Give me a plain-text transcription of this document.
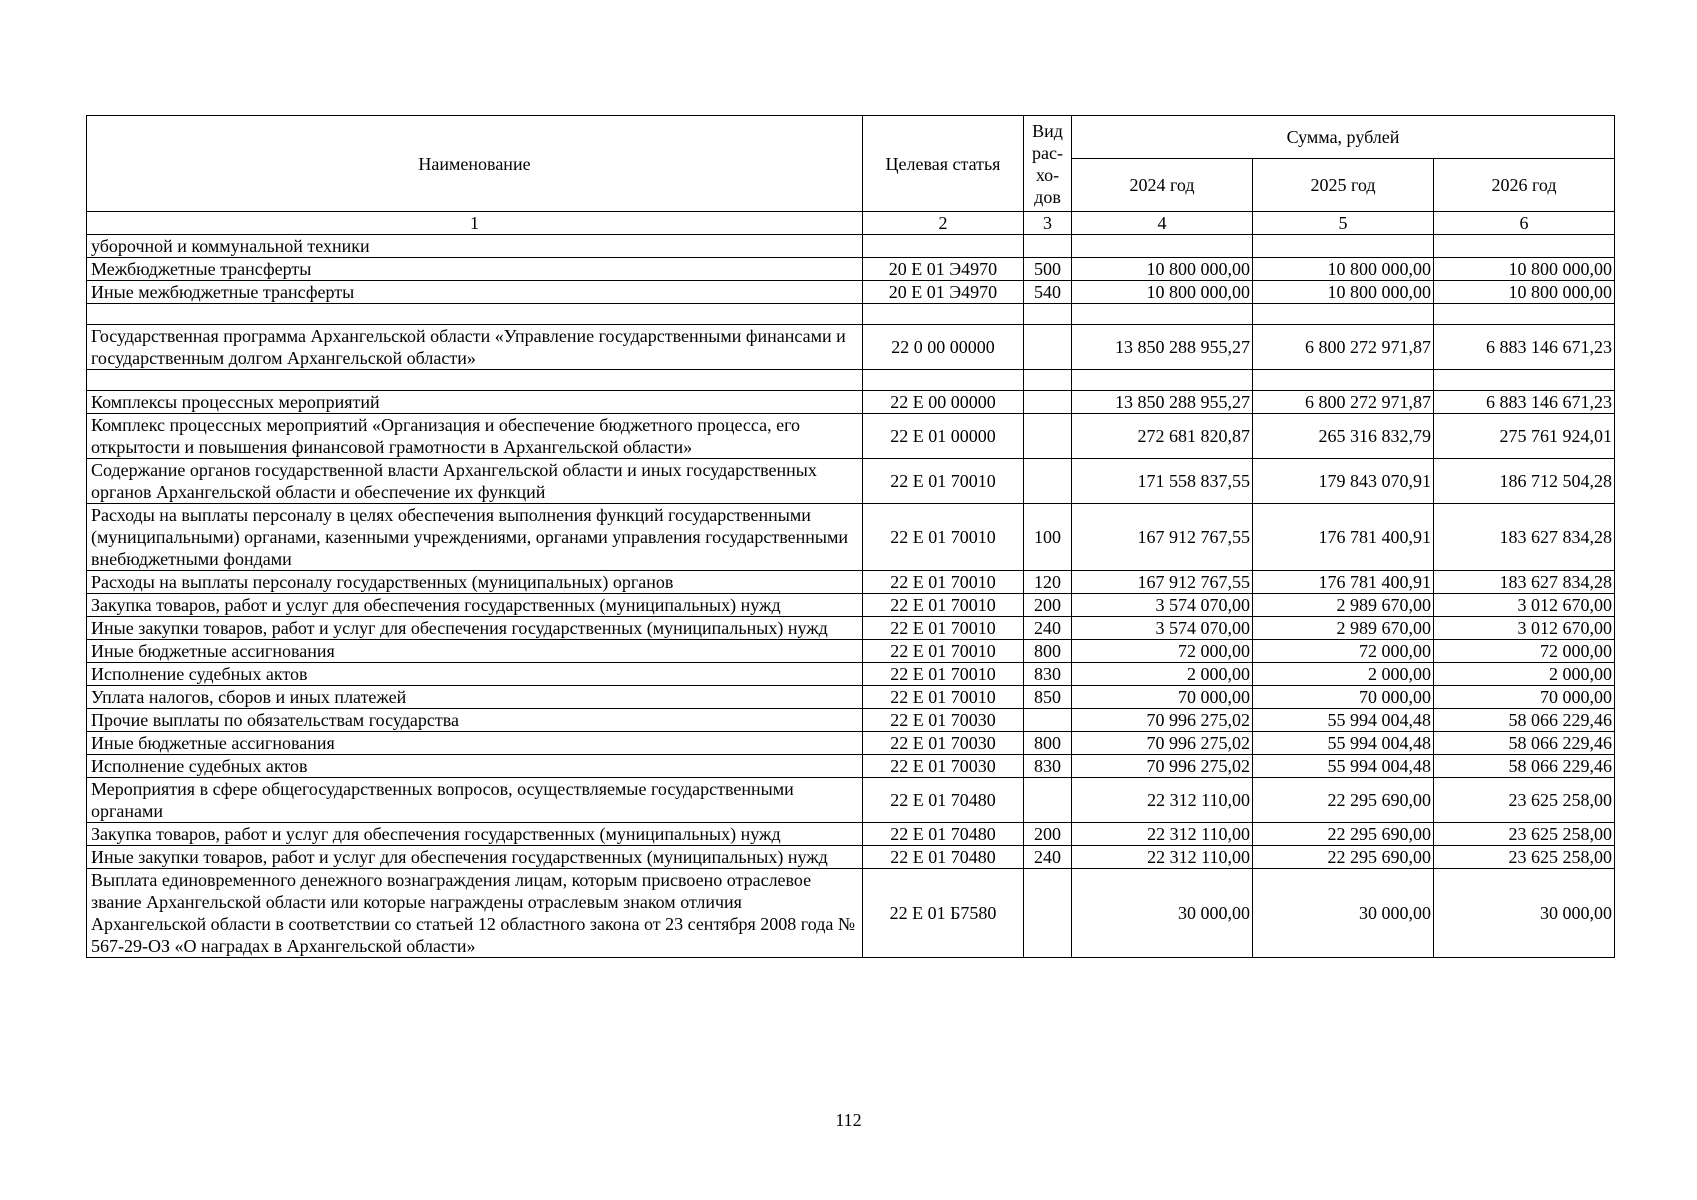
Наименование	Целевая статья	Вид рас-хо-дов	Сумма, рублей		
			2024 год	2025 год	2026 год
1	2	3	4	5	6
уборочной и коммунальной техники					
Межбюджетные трансферты	20 Е 01 Э4970	500	10 800 000,00	10 800 000,00	10 800 000,00
Иные межбюджетные трансферты	20 Е 01 Э4970	540	10 800 000,00	10 800 000,00	10 800 000,00

Государственная программа Архангельской области «Управление государственными финансами и государственным долгом Архангельской области»	22 0 00 00000		13 850 288 955,27	6 800 272 971,87	6 883 146 671,23

Комплексы процессных мероприятий	22 Е 00 00000		13 850 288 955,27	6 800 272 971,87	6 883 146 671,23
Комплекс процессных мероприятий «Организация и обеспечение бюджетного процесса, его открытости и повышения финансовой грамотности в Архангельской области»	22 Е 01 00000		272 681 820,87	265 316 832,79	275 761 924,01
Содержание органов государственной власти Архангельской области и иных государственных органов Архангельской области и обеспечение их функций	22 Е 01 70010		171 558 837,55	179 843 070,91	186 712 504,28
Расходы на выплаты персоналу в целях обеспечения выполнения функций государственными (муниципальными) органами, казенными учреждениями, органами управления государственными внебюджетными фондами	22 Е 01 70010	100	167 912 767,55	176 781 400,91	183 627 834,28
Расходы на выплаты персоналу государственных (муниципальных) органов	22 Е 01 70010	120	167 912 767,55	176 781 400,91	183 627 834,28
Закупка товаров, работ и услуг для обеспечения государственных (муниципальных) нужд	22 Е 01 70010	200	3 574 070,00	2 989 670,00	3 012 670,00
Иные закупки товаров, работ и услуг для обеспечения государственных (муниципальных) нужд	22 Е 01 70010	240	3 574 070,00	2 989 670,00	3 012 670,00
Иные бюджетные ассигнования	22 Е 01 70010	800	72 000,00	72 000,00	72 000,00
Исполнение судебных актов	22 Е 01 70010	830	2 000,00	2 000,00	2 000,00
Уплата налогов, сборов и иных платежей	22 Е 01 70010	850	70 000,00	70 000,00	70 000,00
Прочие выплаты по обязательствам государства	22 Е 01 70030		70 996 275,02	55 994 004,48	58 066 229,46
Иные бюджетные ассигнования	22 Е 01 70030	800	70 996 275,02	55 994 004,48	58 066 229,46
Исполнение судебных актов	22 Е 01 70030	830	70 996 275,02	55 994 004,48	58 066 229,46
Мероприятия в сфере общегосударственных вопросов, осуществляемые государственными органами	22 Е 01 70480		22 312 110,00	22 295 690,00	23 625 258,00
Закупка товаров, работ и услуг для обеспечения государственных (муниципальных) нужд	22 Е 01 70480	200	22 312 110,00	22 295 690,00	23 625 258,00
Иные закупки товаров, работ и услуг для обеспечения государственных (муниципальных) нужд	22 Е 01 70480	240	22 312 110,00	22 295 690,00	23 625 258,00
Выплата единовременного денежного вознаграждения лицам, которым присвоено отраслевое звание Архангельской области или которые награждены отраслевым знаком отличия Архангельской области в соответствии со статьей 12 областного закона от 23 сентября 2008 года № 567-29-ОЗ «О наградах в Архангельской области»	22 Е 01 Б7580		30 000,00	30 000,00	30 000,00
112
